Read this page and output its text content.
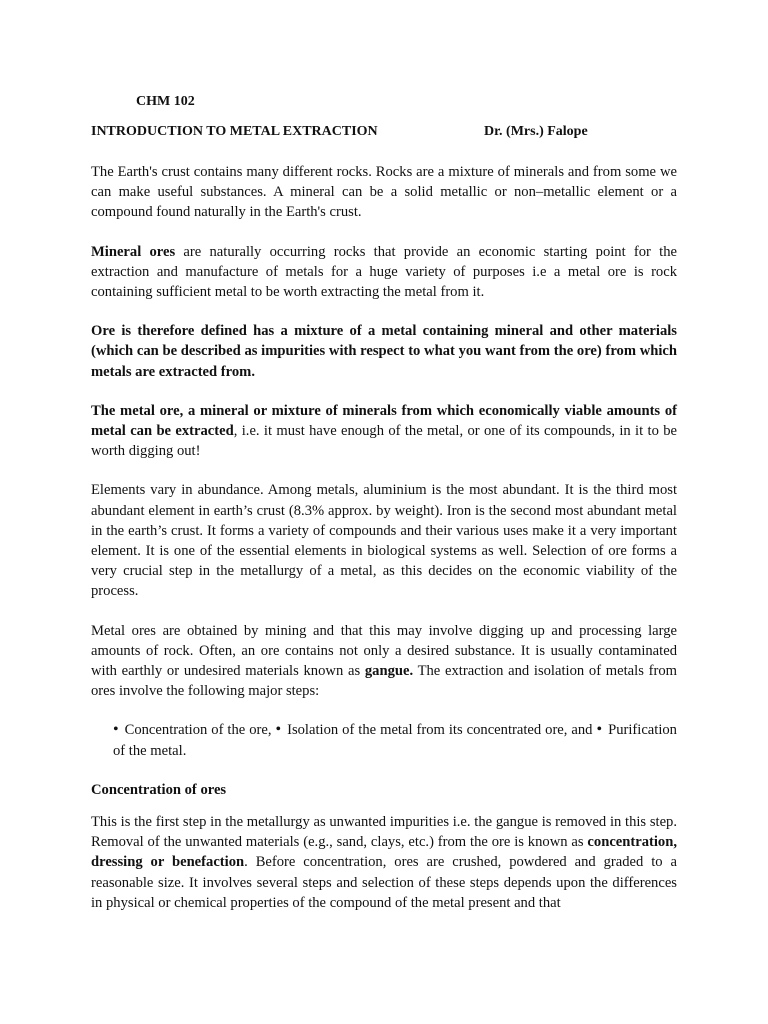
CHM 102
INTRODUCTION TO METAL EXTRACTION	Dr. (Mrs.) Falope

The Earth's crust contains many different rocks. Rocks are a mixture of minerals and from some we can make useful substances. A mineral can be a solid metallic or non–metallic element or a compound found naturally in the Earth's crust.

Mineral ores are naturally occurring rocks that provide an economic starting point for the extraction and manufacture of metals for a huge variety of purposes i.e a metal ore is rock containing sufficient metal to be worth extracting the metal from it.

Ore is therefore defined has a mixture of a metal containing mineral and other materials (which can be described as impurities with respect to what you want from the ore) from which metals are extracted from.

The metal ore, a mineral or mixture of minerals from which economically viable amounts of metal can be extracted, i.e. it must have enough of the metal, or one of its compounds, in it to be worth digging out!

Elements vary in abundance. Among metals, aluminium is the most abundant. It is the third most abundant element in earth’s crust (8.3% approx. by weight). Iron is the second most abundant metal in the earth’s crust. It forms a variety of compounds and their various uses make it a very important element. It is one of the essential elements in biological systems as well. Selection of ore forms a very crucial step in the metallurgy of a metal, as this decides on the economic viability of the process.

Metal ores are obtained by mining and that this may involve digging up and processing large amounts of rock. Often, an ore contains not only a desired substance. It is usually contaminated with earthly or undesired materials known as gangue. The extraction and isolation of metals from ores involve the following major steps:

• Concentration of the ore, • Isolation of the metal from its concentrated ore, and • Purification of the metal.
Concentration of ores

This is the first step in the metallurgy as unwanted impurities i.e. the gangue is removed in this step. Removal of the unwanted materials (e.g., sand, clays, etc.) from the ore is known as concentration, dressing or benefaction. Before concentration, ores are crushed, powdered and graded to a reasonable size. It involves several steps and selection of these steps depends upon the differences in physical or chemical properties of the compound of the metal present and that
